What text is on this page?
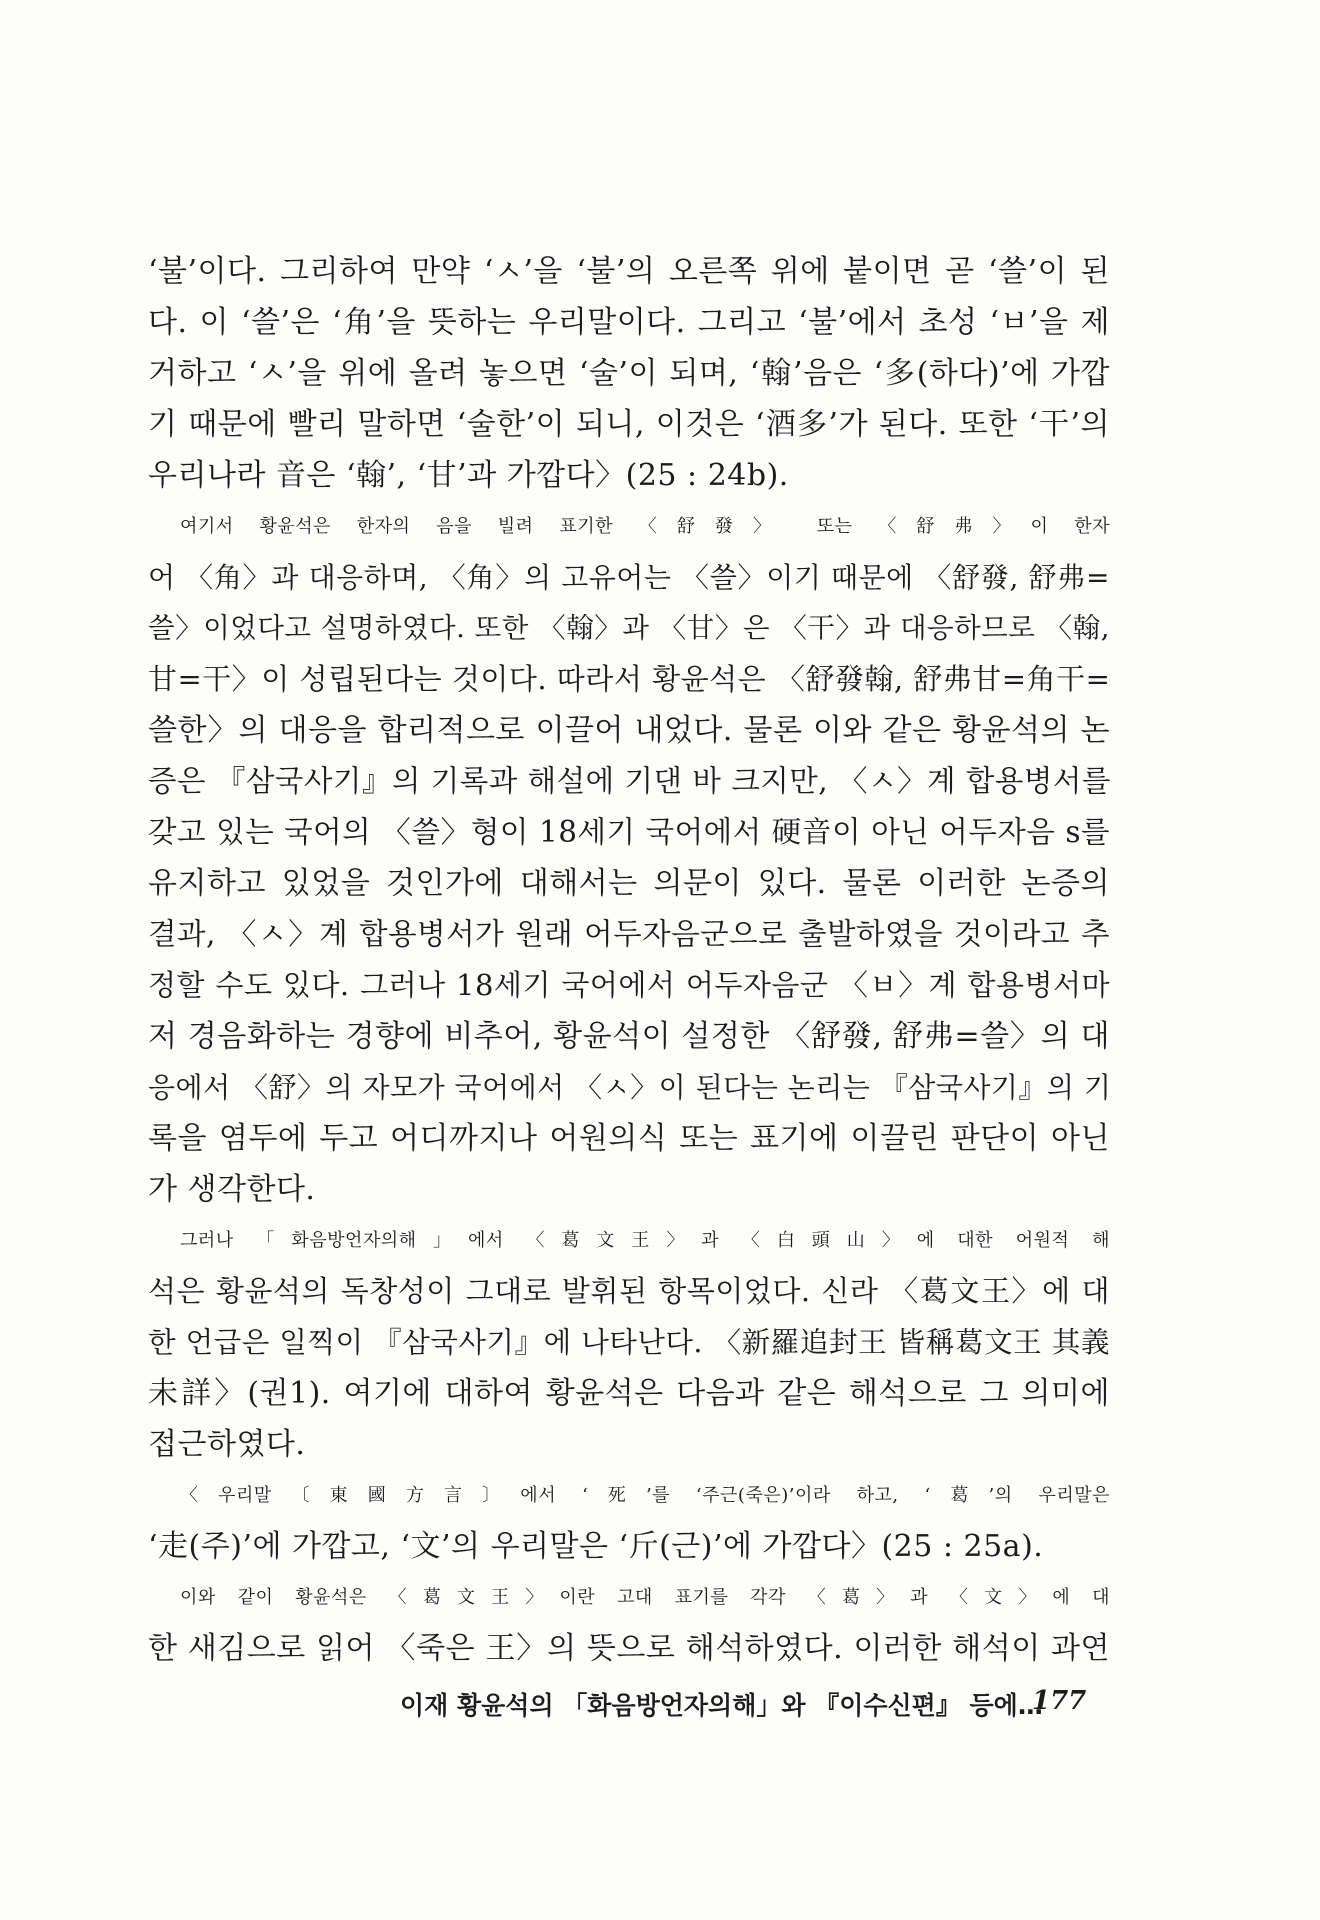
‘불’이다. 그리하여 만약 ‘ㅅ’을 ‘불’의 오른쪽 위에 붙이면 곧 ‘쓸’이 된
다. 이 ‘쓸’은 ‘角’을 뜻하는 우리말이다. 그리고 ‘불’에서 초성 ‘ㅂ’을 제
거하고 ‘ㅅ’을 위에 올려 놓으면 ‘술’이 되며, ‘翰’음은 ‘多(하다)’에 가깝
기 때문에 빨리 말하면 ‘술한’이 되니, 이것은 ‘酒多’가 된다. 또한 ‘干’의
우리나라 音은 ‘翰’, ‘甘’과 가깝다〉(25 : 24b).
여기서 황윤석은 한자의 음을 빌려 표기한 〈舒發〉 또는 〈舒弗〉이 한자
어 〈角〉과 대응하며, 〈角〉의 고유어는 〈쓸〉이기 때문에 〈舒發, 舒弗=
쓸〉이었다고 설명하였다. 또한 〈翰〉과 〈甘〉은 〈干〉과 대응하므로 〈翰,
甘=干〉이 성립된다는 것이다. 따라서 황윤석은 〈舒發翰, 舒弗甘=角干=
쓸한〉의 대응을 합리적으로 이끌어 내었다. 물론 이와 같은 황윤석의 논
증은 『삼국사기』의 기록과 해설에 기댄 바 크지만, 〈ㅅ〉계 합용병서를
갖고 있는 국어의 〈쓸〉형이 18세기 국어에서 硬音이 아닌 어두자음 s를
유지하고 있었을 것인가에 대해서는 의문이 있다. 물론 이러한 논증의
결과, 〈ㅅ〉계 합용병서가 원래 어두자음군으로 출발하였을 것이라고 추
정할 수도 있다. 그러나 18세기 국어에서 어두자음군 〈ㅂ〉계 합용병서마
저 경음화하는 경향에 비추어, 황윤석이 설정한 〈舒發, 舒弗=쓸〉의 대
응에서 〈舒〉의 자모가 국어에서 〈ㅅ〉이 된다는 논리는 『삼국사기』의 기
록을 염두에 두고 어디까지나 어원의식 또는 표기에 이끌린 판단이 아닌
가 생각한다.
그러나 「화음방언자의해」에서 〈葛文王〉과 〈白頭山〉에 대한 어원적 해
석은 황윤석의 독창성이 그대로 발휘된 항목이었다. 신라 〈葛文王〉에 대
한 언급은 일찍이 『삼국사기』에 나타난다. 〈新羅追封王 皆稱葛文王 其義
未詳〉(권1). 여기에 대하여 황윤석은 다음과 같은 해석으로 그 의미에
접근하였다.
〈우리말〔東國方言〕에서 ‘死’를 ‘주근(죽은)’이라 하고, ‘葛’의 우리말은
‘走(주)’에 가깝고, ‘文’의 우리말은 ‘斤(근)’에 가깝다〉(25 : 25a).
이와 같이 황윤석은 〈葛文王〉이란 고대 표기를 각각 〈葛〉과 〈文〉에 대
한 새김으로 읽어 〈죽은 王〉의 뜻으로 해석하였다. 이러한 해석이 과연
이재 황윤석의 「화음방언자의해」와 『이수신편』 등에…
177
